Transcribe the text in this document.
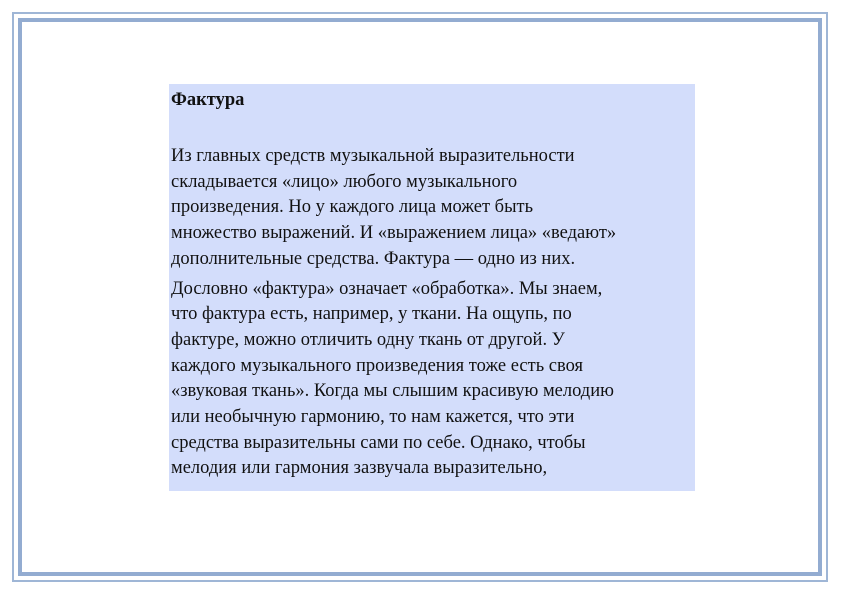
Фактура

Из главных средств музыкальной выразительности
складывается «лицо» любого музыкального
произведения. Но у каждого лица может быть
множество выражений. И «выражением лица» «ведают»
дополнительные средства. Фактура — одно из них.

Дословно «фактура» означает «обработка». Мы знаем,
что фактура есть, например, у ткани. На ощупь, по
фактуре, можно отличить одну ткань от другой. У
каждого музыкального произведения тоже есть своя
«звуковая ткань». Когда мы слышим красивую мелодию
или необычную гармонию, то нам кажется, что эти
средства выразительны сами по себе. Однако, чтобы
мелодия или гармония зазвучала выразительно,
